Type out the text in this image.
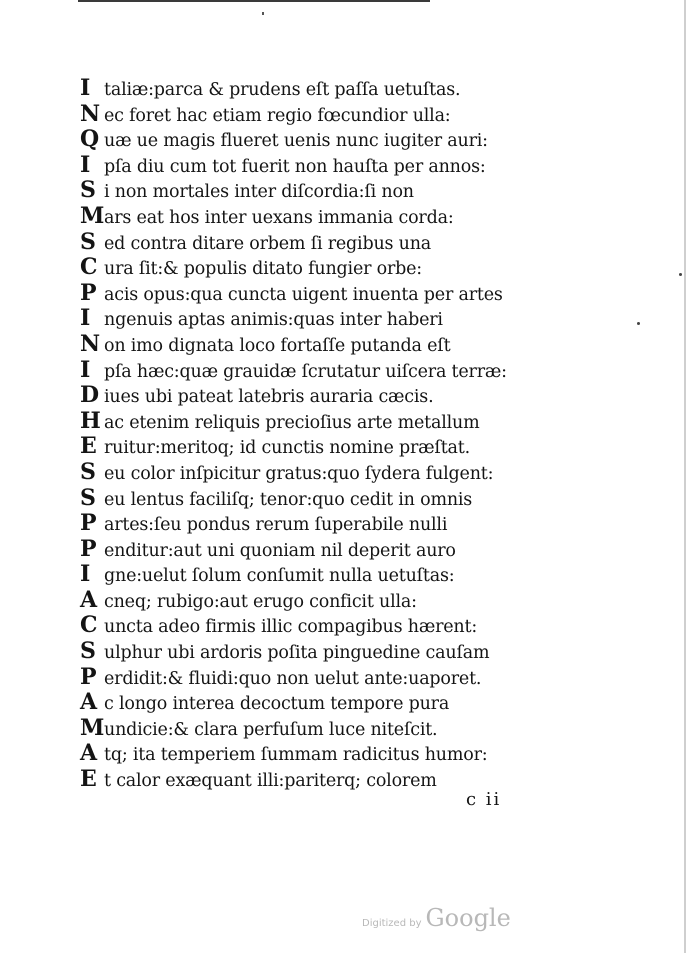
I taliæ:parca & prudens eſt paſſa uetuſtas.
N ec foret hac etiam regio fœcundior ulla:
Q uæ ue magis flueret uenis nunc iugiter auri:
I pſa diu cum tot fuerit non hauſta per annos:
S i non mortales inter diſcordia:ſi non
M ars eat hos inter uexans immania corda:
S ed contra ditare orbem ſi regibus una
C ura ſit:& populis ditato fungier orbe:
P acis opus:qua cuncta uigent inuenta per artes
I ngenuis aptas animis:quas inter haberi
N on imo dignata loco fortaſſe putanda eſt
I pſa hæc:quæ grauidæ ſcrutatur uiſcera terræ:
D iues ubi pateat latebris auraria cæcis.
H ac etenim reliquis precioſius arte metallum
E ruitur:meritoq; id cunctis nomine præſtat.
S eu color inſpicitur gratus:quo ſydera fulgent:
S eu lentus faciliſq; tenor:quo cedit in omnis
P artes:ſeu pondus rerum ſuperabile nulli
P enditur:aut uni quoniam nil deperit auro
I gne:uelut ſolum conſumit nulla uetuſtas:
A cneq; rubigo:aut erugo conficit ulla:
C uncta adeo firmis illic compagibus hærent:
S ulphur ubi ardoris poſita pinguedine cauſam
P erdidit:& fluidi:quo non uelut ante:uaporet.
A c longo interea decoctum tempore pura
M undicie:& clara perfuſum luce niteſcit.
A tq; ita temperiem ſummam radicitus humor:
E t calor exæquant illi:pariterq; colorem
c ii
Digitized by Google
